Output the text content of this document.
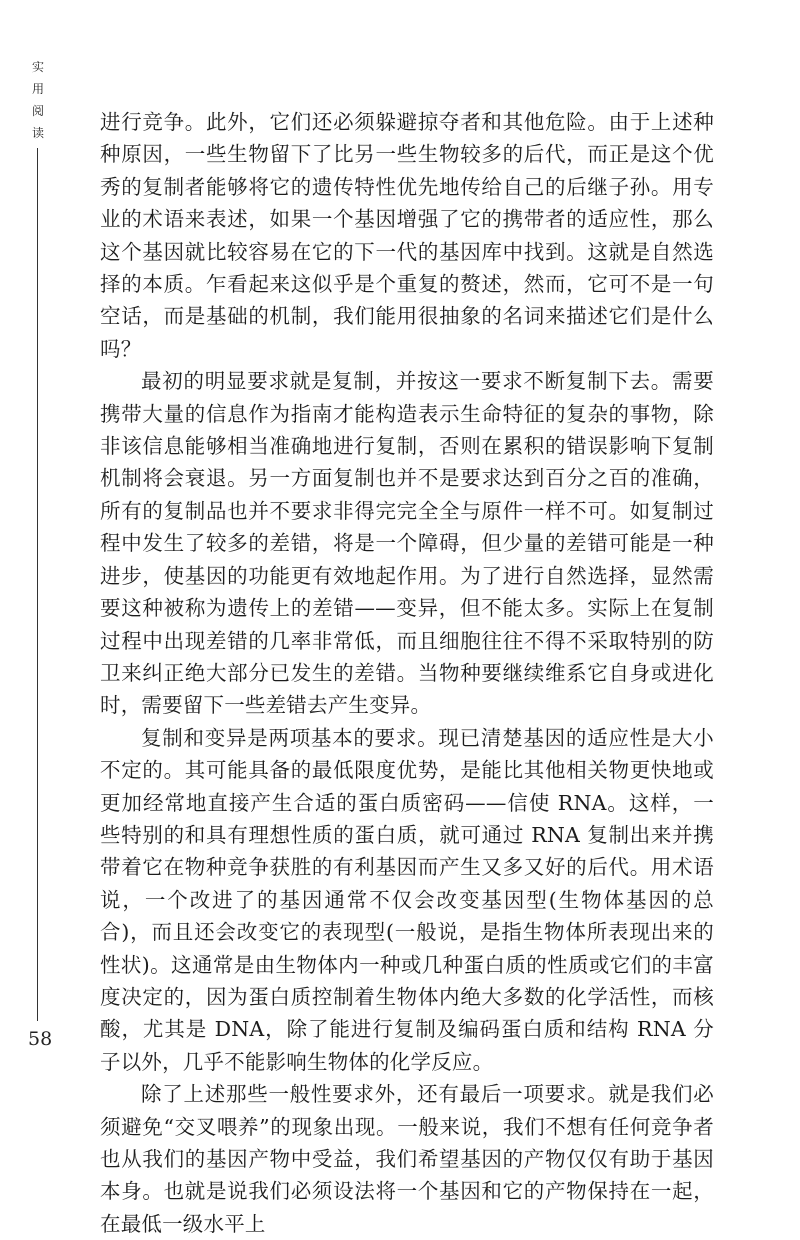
实
用
阅
读	进行竞争。此外，它们还必须躲避掠夺者和其他危险。由于上述种种原因，一些生物留下了比另一些生物较多的后代，而正是这个优秀的复制者能够将它的遗传特性优先地传给自己的后继子孙。用专业的术语来表述，如果一个基因增强了它的携带者的适应性，那么这个基因就比较容易在它的下一代的基因库中找到。这就是自然选择的本质。乍看起来这似乎是个重复的赘述，然而，它可不是一句空话，而是基础的机制，我们能用很抽象的名词来描述它们是什么吗？

最初的明显要求就是复制，并按这一要求不断复制下去。需要携带大量的信息作为指南才能构造表示生命特征的复杂的事物，除非该信息能够相当准确地进行复制，否则在累积的错误影响下复制机制将会衰退。另一方面复制也并不是要求达到百分之百的准确，所有的复制品也并不要求非得完完全全与原件一样不可。如复制过程中发生了较多的差错，将是一个障碍，但少量的差错可能是一种进步，使基因的功能更有效地起作用。为了进行自然选择，显然需要这种被称为遗传上的差错——变异，但不能太多。实际上在复制过程中出现差错的几率非常低，而且细胞往往不得不采取特别的防卫来纠正绝大部分已发生的差错。当物种要继续维系它自身或进化时，需要留下一些差错去产生变异。

复制和变异是两项基本的要求。现已清楚基因的适应性是大小不定的。其可能具备的最低限度优势，是能比其他相关物更快地或更加经常地直接产生合适的蛋白质密码——信使 RNA。这样，一些特别的和具有理想性质的蛋白质，就可通过 RNA 复制出来并携带着它在物种竞争获胜的有利基因而产生又多又好的后代。用术语说，一个改进了的基因通常不仅会改变基因型(生物体基因的总合)，而且还会改变它的表现型(一般说，是指生物体所表现出来的性状)。这通常是由生物体内一种或几种蛋白质的性质或它们的丰富度决定的，因为蛋白质控制着生物体内绝大多数的化学活性，而核酸，尤其是 DNA，除了能进行复制及编码蛋白质和结构 RNA 分子以外，几乎不能影响生物体的化学反应。

除了上述那些一般性要求外，还有最后一项要求。就是我们必须避免“交叉喂养”的现象出现。一般来说，我们不想有任何竞争者也从我们的基因产物中受益，我们希望基因的产物仅仅有助于基因本身。也就是说我们必须设法将一个基因和它的产物保持在一起，在最低一级水平上

58
